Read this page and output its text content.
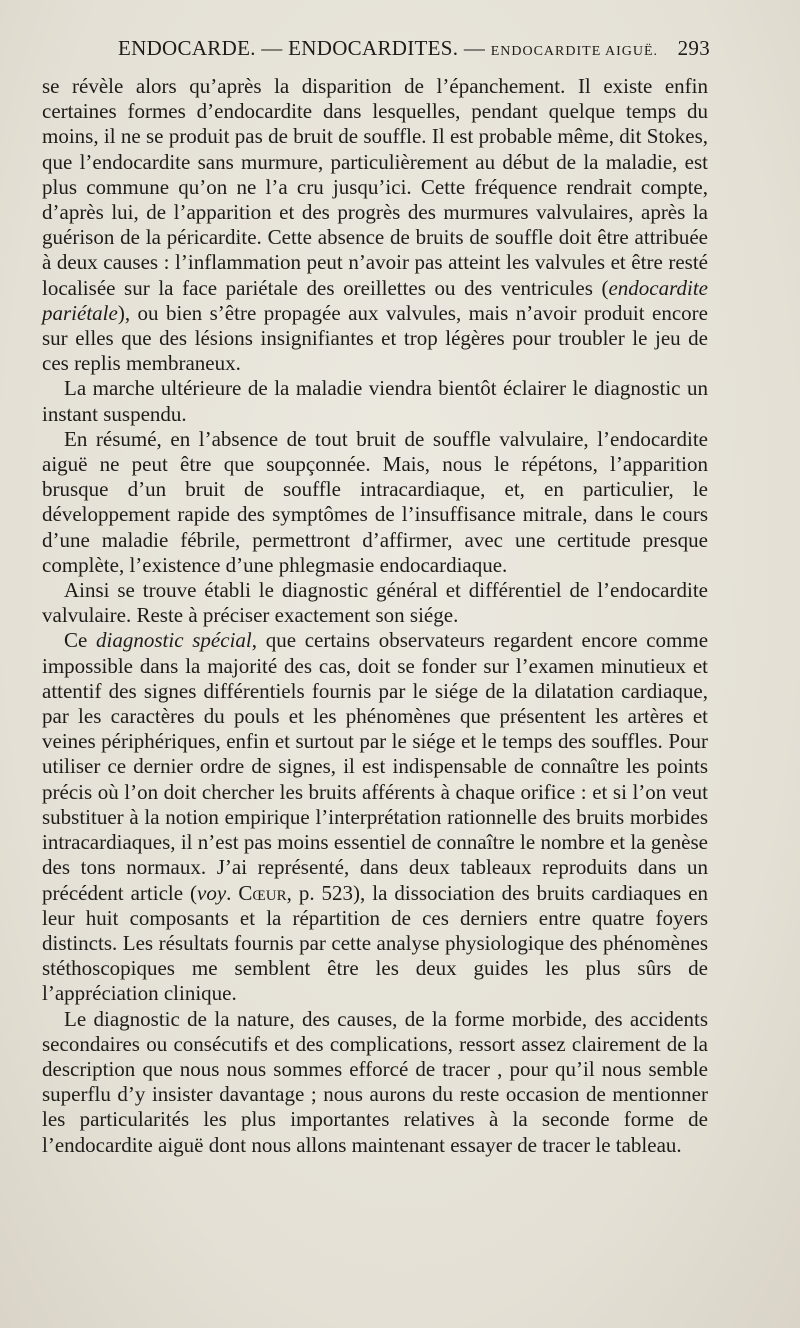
ENDOCARDE. — ENDOCARDITES. — ENDOCARDITE AIGUË. 293

se révèle alors qu’après la disparition de l’épanchement. Il existe enfin certaines formes d’endocardite dans lesquelles, pendant quelque temps du moins, il ne se produit pas de bruit de souffle. Il est probable même, dit Stokes, que l’endocardite sans murmure, particulièrement au début de la maladie, est plus commune qu’on ne l’a cru jusqu’ici. Cette fréquence rendrait compte, d’après lui, de l’apparition et des progrès des murmures valvulaires, après la guérison de la péricardite. Cette absence de bruits de souffle doit être attribuée à deux causes : l’inflammation peut n’avoir pas atteint les valvules et être resté localisée sur la face pariétale des oreillettes ou des ventricules (endocardite pariétale), ou bien s’être propagée aux valvules, mais n’avoir produit encore sur elles que des lésions insignifiantes et trop légères pour troubler le jeu de ces replis membraneux.

La marche ultérieure de la maladie viendra bientôt éclairer le diagnostic un instant suspendu.

En résumé, en l’absence de tout bruit de souffle valvulaire, l’endocardite aiguë ne peut être que soupçonnée. Mais, nous le répétons, l’apparition brusque d’un bruit de souffle intracardiaque, et, en particulier, le développement rapide des symptômes de l’insuffisance mitrale, dans le cours d’une maladie fébrile, permettront d’affirmer, avec une certitude presque complète, l’existence d’une phlegmasie endocardiaque.

Ainsi se trouve établi le diagnostic général et différentiel de l’endocardite valvulaire. Reste à préciser exactement son siége.

Ce diagnostic spécial, que certains observateurs regardent encore comme impossible dans la majorité des cas, doit se fonder sur l’examen minutieux et attentif des signes différentiels fournis par le siége de la dilatation cardiaque, par les caractères du pouls et les phénomènes que présentent les artères et veines périphériques, enfin et surtout par le siége et le temps des souffles. Pour utiliser ce dernier ordre de signes, il est indispensable de connaître les points précis où l’on doit chercher les bruits afférents à chaque orifice : et si l’on veut substituer à la notion empirique l’interprétation rationnelle des bruits morbides intracardiaques, il n’est pas moins essentiel de connaître le nombre et la genèse des tons normaux. J’ai représenté, dans deux tableaux reproduits dans un précédent article (voy. Cœur, p. 523), la dissociation des bruits cardiaques en leur huit composants et la répartition de ces derniers entre quatre foyers distincts. Les résultats fournis par cette analyse physiologique des phénomènes stéthoscopiques me semblent être les deux guides les plus sûrs de l’appréciation clinique.

Le diagnostic de la nature, des causes, de la forme morbide, des accidents secondaires ou consécutifs et des complications, ressort assez clairement de la description que nous nous sommes efforcé de tracer , pour qu’il nous semble superflu d’y insister davantage ; nous aurons du reste occasion de mentionner les particularités les plus importantes relatives à la seconde forme de l’endocardite aiguë dont nous allons maintenant essayer de tracer le tableau.
